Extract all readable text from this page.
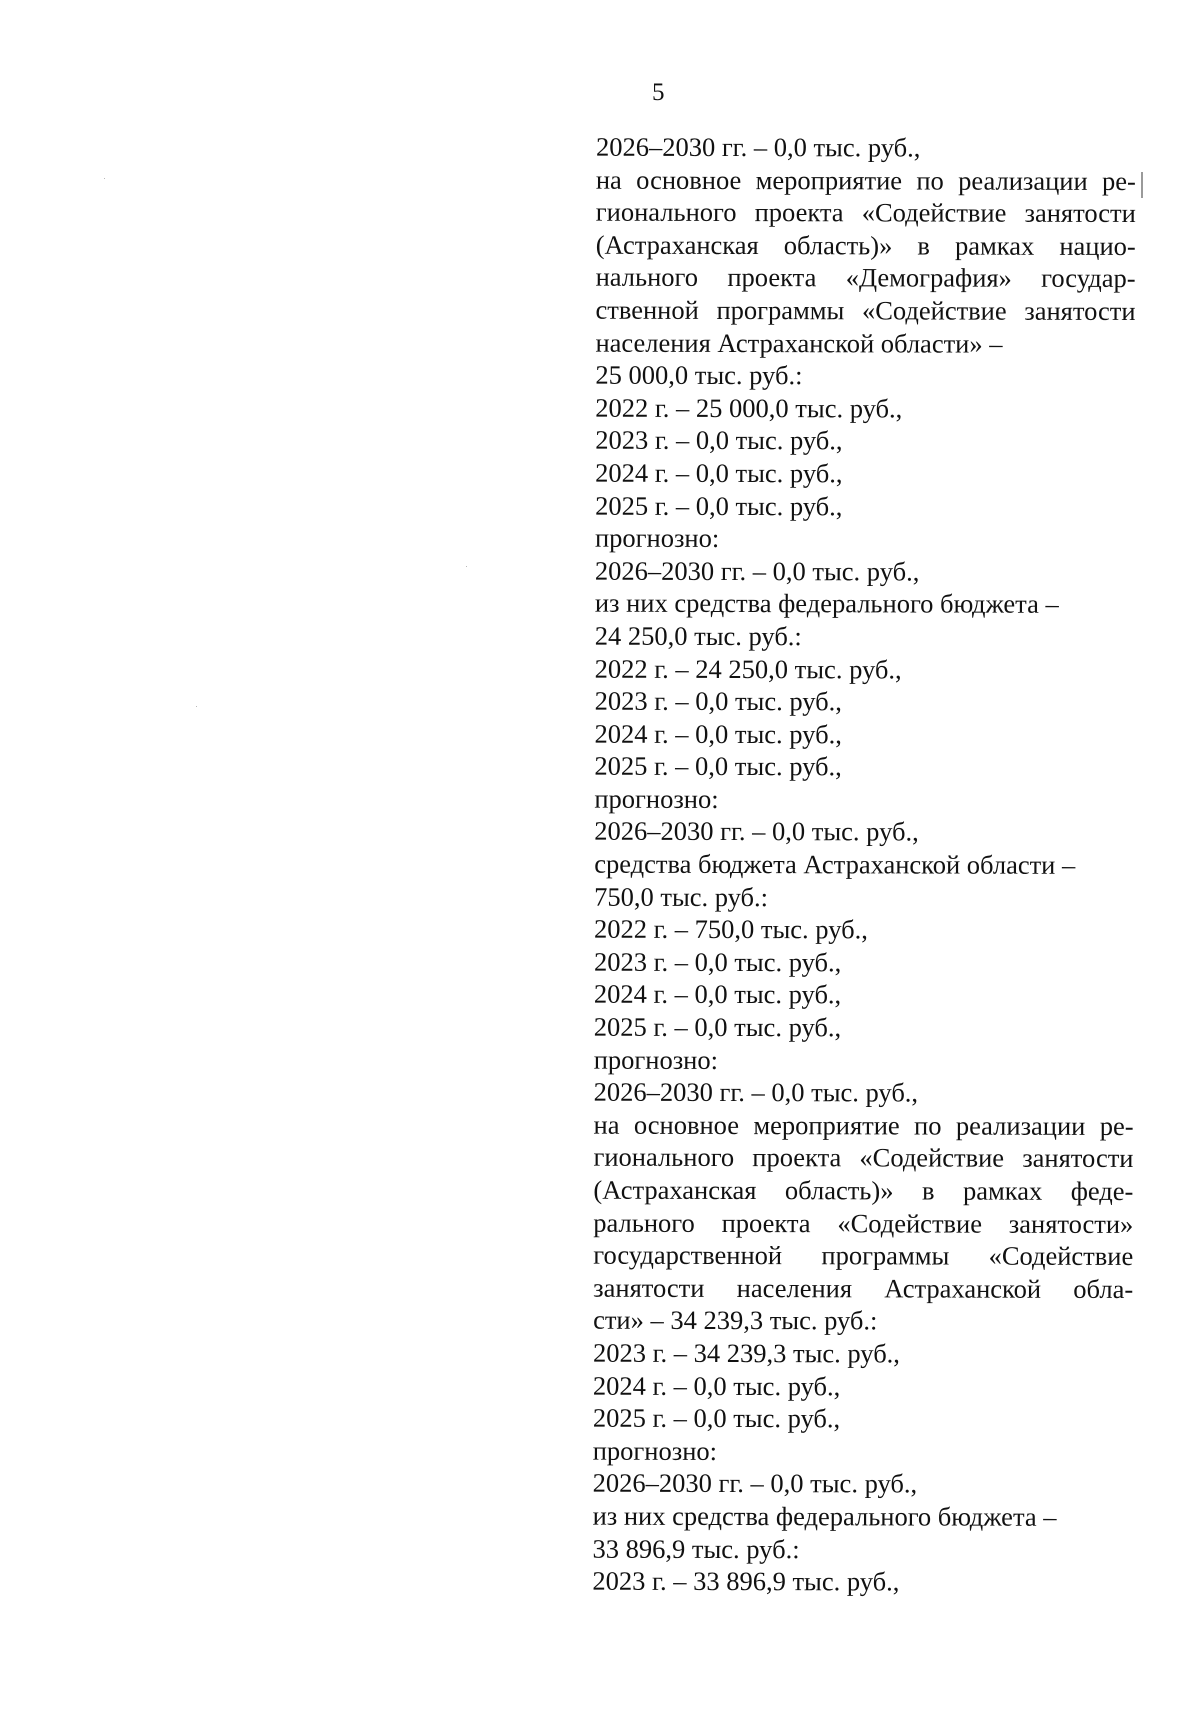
5
2026–2030 гг. – 0,0 тыс. руб.,
на основное мероприятие по реализации ре-
гионального проекта «Содействие занятости
(Астраханская область)» в рамках нацио-
нального проекта «Демография» государ-
ственной программы «Содействие занятости
населения Астраханской области» –
25 000,0 тыс. руб.:
2022 г. – 25 000,0 тыс. руб.,
2023 г. – 0,0 тыс. руб.,
2024 г. – 0,0 тыс. руб.,
2025 г. – 0,0 тыс. руб.,
прогнозно:
2026–2030 гг. – 0,0 тыс. руб.,
из них средства федерального бюджета –
24 250,0 тыс. руб.:
2022 г. – 24 250,0 тыс. руб.,
2023 г. – 0,0 тыс. руб.,
2024 г. – 0,0 тыс. руб.,
2025 г. – 0,0 тыс. руб.,
прогнозно:
2026–2030 гг. – 0,0 тыс. руб.,
средства бюджета Астраханской области –
750,0 тыс. руб.:
2022 г. – 750,0 тыс. руб.,
2023 г. – 0,0 тыс. руб.,
2024 г. – 0,0 тыс. руб.,
2025 г. – 0,0 тыс. руб.,
прогнозно:
2026–2030 гг. – 0,0 тыс. руб.,
на основное мероприятие по реализации ре-
гионального проекта «Содействие занятости
(Астраханская область)» в рамках феде-
рального проекта «Содействие занятости»
государственной программы «Содействие
занятости населения Астраханской обла-
сти» – 34 239,3 тыс. руб.:
2023 г. – 34 239,3 тыс. руб.,
2024 г. – 0,0 тыс. руб.,
2025 г. – 0,0 тыс. руб.,
прогнозно:
2026–2030 гг. – 0,0 тыс. руб.,
из них средства федерального бюджета –
33 896,9 тыс. руб.:
2023 г. – 33 896,9 тыс. руб.,
